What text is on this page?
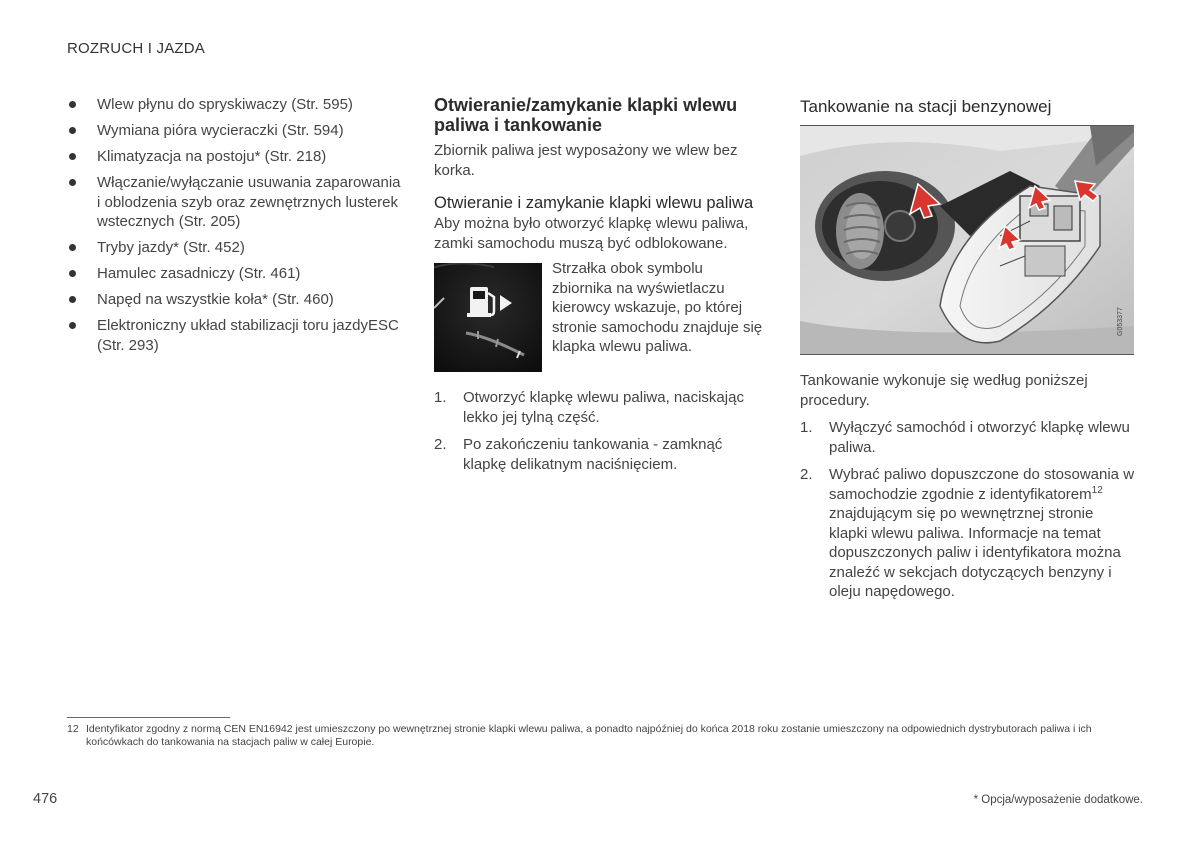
ROZRUCH I JAZDA
Wlew płynu do spryskiwaczy (Str. 595)
Wymiana pióra wycieraczki (Str. 594)
Klimatyzacja na postoju* (Str. 218)
Włączanie/wyłączanie usuwania zaparowania i oblodzenia szyb oraz zewnętrznych lusterek wstecznych (Str. 205)
Tryby jazdy* (Str. 452)
Hamulec zasadniczy (Str. 461)
Napęd na wszystkie koła* (Str. 460)
Elektroniczny układ stabilizacji toru jazdyESC (Str. 293)
Otwieranie/zamykanie klapki wlewu paliwa i tankowanie

Zbiornik paliwa jest wyposażony we wlew bez korka.

Otwieranie i zamykanie klapki wlewu paliwa

Aby można było otworzyć klapkę wlewu paliwa, zamki samochodu muszą być odblokowane.

Strzałka obok symbolu zbiornika na wyświetlaczu kierowcy wskazuje, po której stronie samochodu znajduje się klapka wlewu paliwa.

1. Otworzyć klapkę wlewu paliwa, naciskając lekko jej tylną część.
2. Po zakończeniu tankowania - zamknąć klapkę delikatnym naciśnięciem.
Tankowanie na stacji benzynowej
G053377

Tankowanie wykonuje się według poniższej procedury.

1. Wyłączyć samochód i otworzyć klapkę wlewu paliwa.
2. Wybrać paliwo dopuszczone do stosowania w samochodzie zgodnie z identyfikatorem$^{12}$ znajdującym się po wewnętrznej stronie klapki wlewu paliwa. Informacje na temat dopuszczonych paliw i identyfikatora można znaleźć w sekcjach dotyczących benzyny i oleju napędowego.
12 Identyfikator zgodny z normą CEN EN16942 jest umieszczony po wewnętrznej stronie klapki wlewu paliwa, a ponadto najpóźniej do końca 2018 roku zostanie umieszczony na odpowiednich dystrybutorach paliwa i ich końcówkach do tankowania na stacjach paliw w całej Europie.
476	* Opcja/wyposażenie dodatkowe.
